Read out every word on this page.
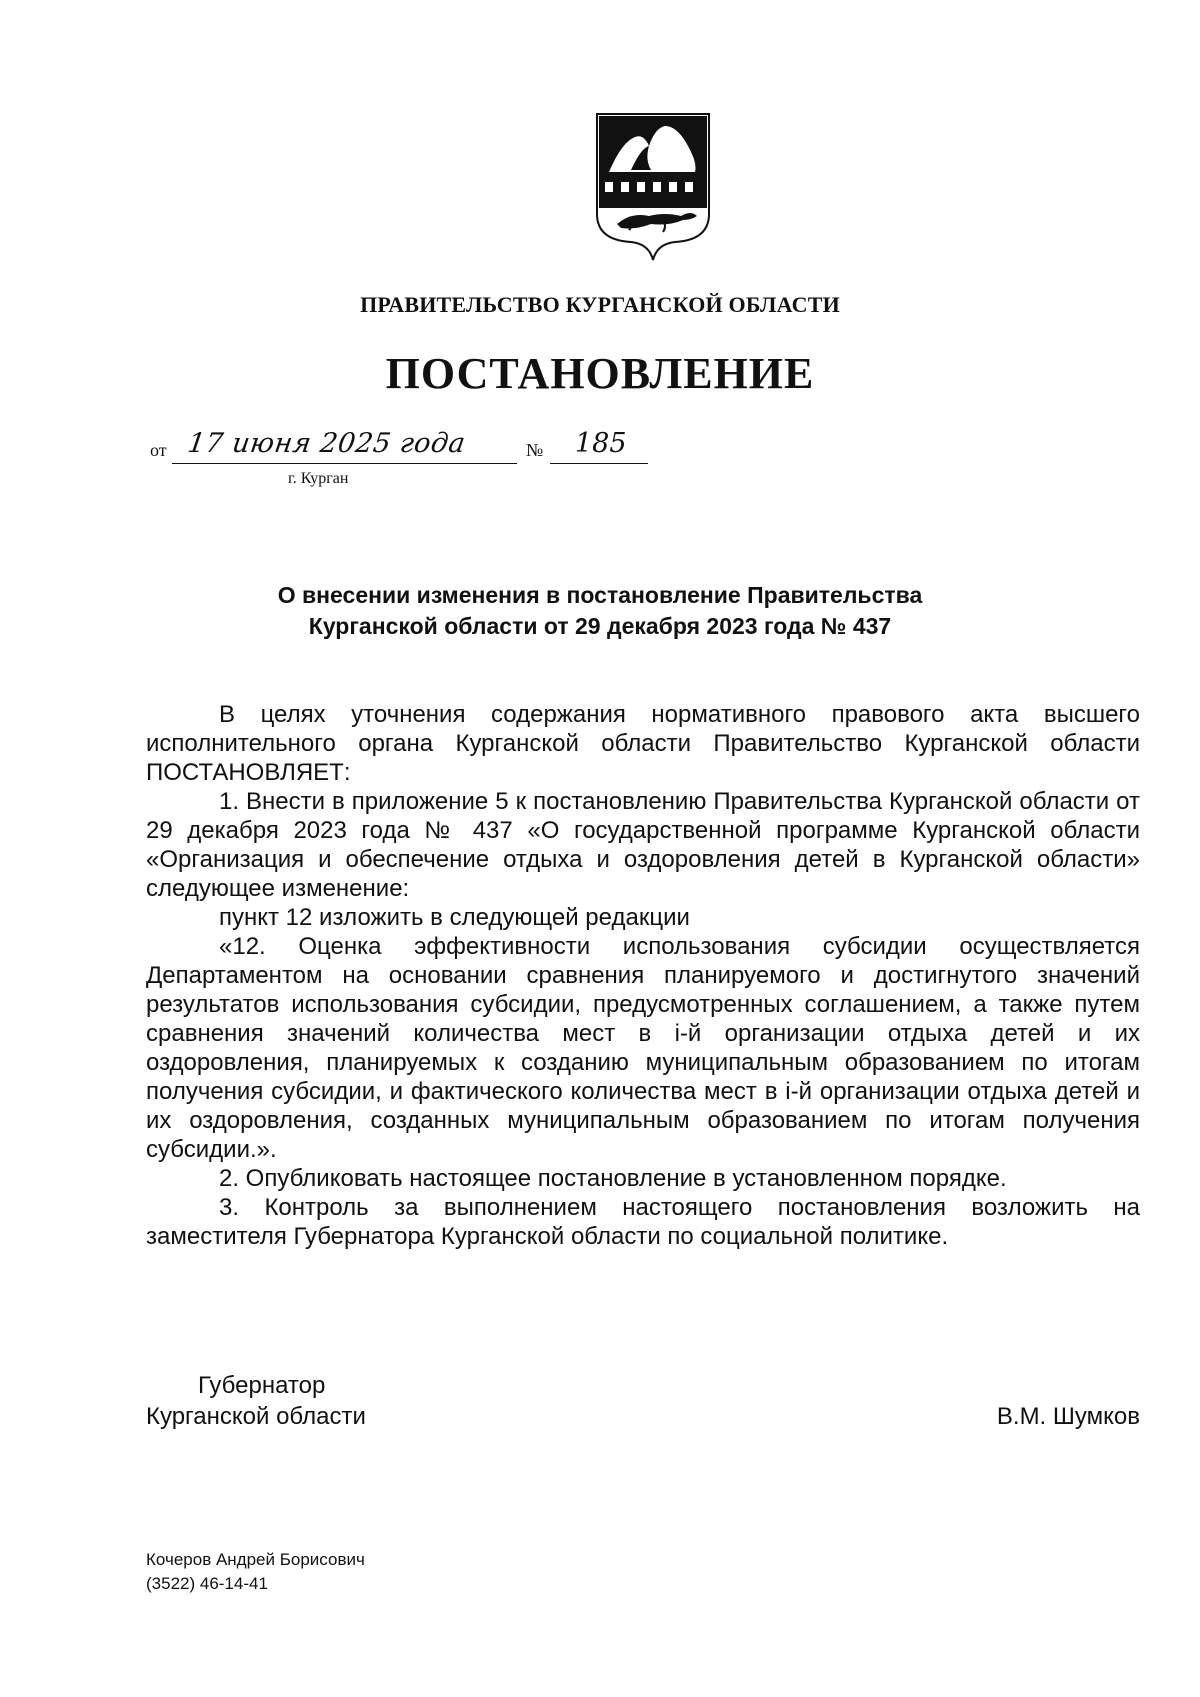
ПРАВИТЕЛЬСТВО КУРГАНСКОЙ ОБЛАСТИ
ПОСТАНОВЛЕНИЕ
от 17 июня 2025 года	№ 185
г. Курган
О внесении изменения в постановление Правительства
Курганской области от 29 декабря 2023 года № 437

В целях уточнения содержания нормативного правового акта высшего исполнительного органа Курганской области Правительство Курганской области ПОСТАНОВЛЯЕТ:

1. Внести в приложение 5 к постановлению Правительства Курганской области от 29 декабря 2023 года № 437 «О государственной программе Курганской области «Организация и обеспечение отдыха и оздоровления детей в Курганской области» следующее изменение:

пункт 12 изложить в следующей редакции

«12. Оценка эффективности использования субсидии осуществляется Департаментом на основании сравнения планируемого и достигнутого значений результатов использования субсидии, предусмотренных соглашением, а также путем сравнения значений количества мест в і-й организации отдыха детей и их оздоровления, планируемых к созданию муниципальным образованием по итогам получения субсидии, и фактического количества мест в і-й организации отдыха детей и их оздоровления, созданных муниципальным образованием по итогам получения субсидии.».

2. Опубликовать настоящее постановление в установленном порядке.

3. Контроль за выполнением настоящего постановления возложить на заместителя Губернатора Курганской области по социальной политике.

Губернатор
Курганской области	В.М. Шумков
Кочеров Андрей Борисович
(3522) 46-14-41
